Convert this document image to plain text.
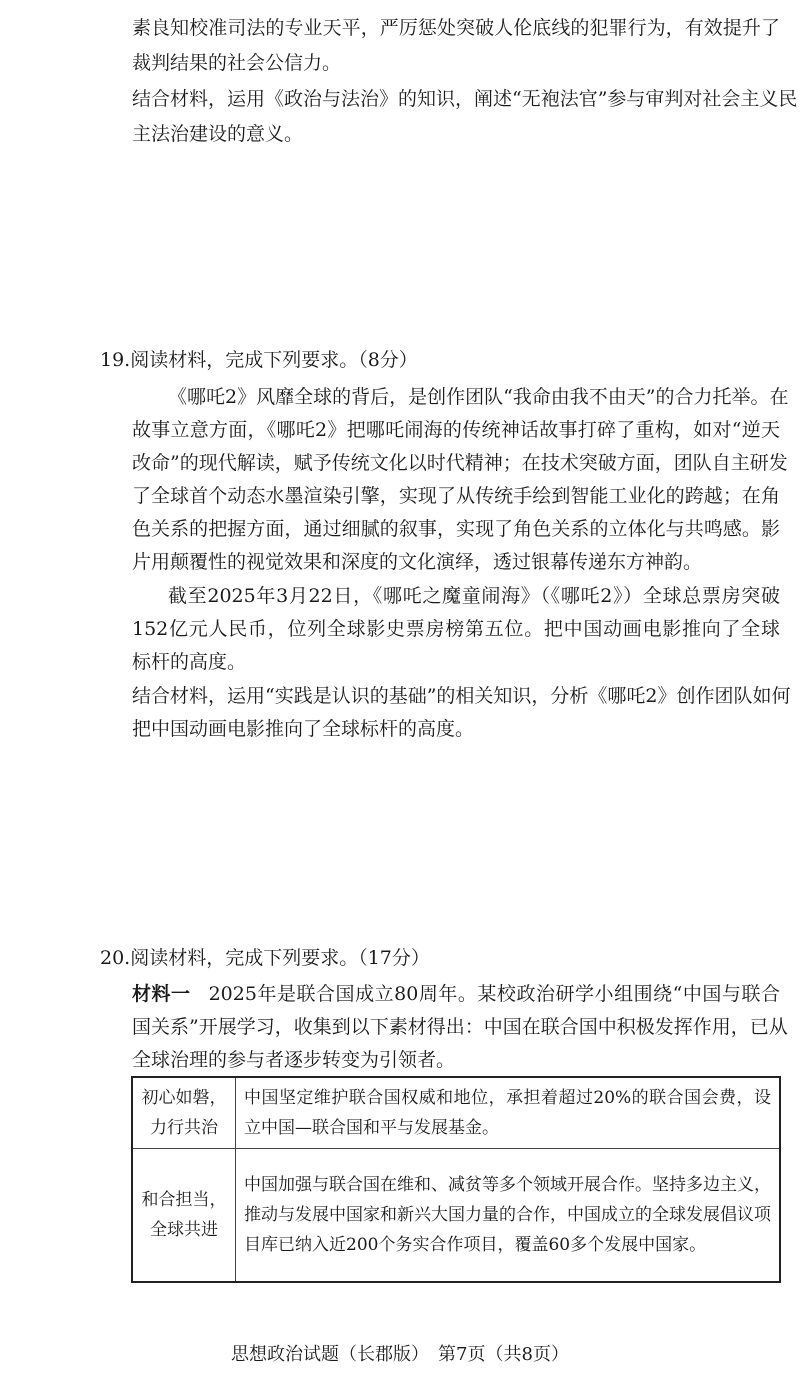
素良知校准司法的专业天平，严厉惩处突破人伦底线的犯罪行为，有效提升了
裁判结果的社会公信力。
结合材料，运用《政治与法治》的知识，阐述“无袍法官”参与审判对社会主义民
主法治建设的意义。
19.阅读材料，完成下列要求。（8分）
《哪吒2》风靡全球的背后，是创作团队“我命由我不由天”的合力托举。在
故事立意方面，《哪吒2》把哪吒闹海的传统神话故事打碎了重构，如对“逆天
改命”的现代解读，赋予传统文化以时代精神；在技术突破方面，团队自主研发
了全球首个动态水墨渲染引擎，实现了从传统手绘到智能工业化的跨越；在角
色关系的把握方面，通过细腻的叙事，实现了角色关系的立体化与共鸣感。影
片用颠覆性的视觉效果和深度的文化演绎，透过银幕传递东方神韵。
截至2025年3月22日，《哪吒之魔童闹海》（《哪吒2》）全球总票房突破
152亿元人民币，位列全球影史票房榜第五位。把中国动画电影推向了全球
标杆的高度。
结合材料，运用“实践是认识的基础”的相关知识，分析《哪吒2》创作团队如何
把中国动画电影推向了全球标杆的高度。
20.阅读材料，完成下列要求。（17分）
材料一 2025年是联合国成立80周年。某校政治研学小组围绕“中国与联合
国关系”开展学习，收集到以下素材得出：中国在联合国中积极发挥作用，已从
全球治理的参与者逐步转变为引领者。
初心如磐，
力行共治	中国坚定维护联合国权威和地位，承担着超过20%的联合国会费，设立中国—联合国和平与发展基金。

和合担当，
全球共进	中国加强与联合国在维和、减贫等多个领域开展合作。坚持多边主义，推动与发展中国家和新兴大国力量的合作，中国成立的全球发展倡议项目库已纳入近200个务实合作项目，覆盖60多个发展中国家。
思想政治试题（长郡版）　第7页（共8页）
